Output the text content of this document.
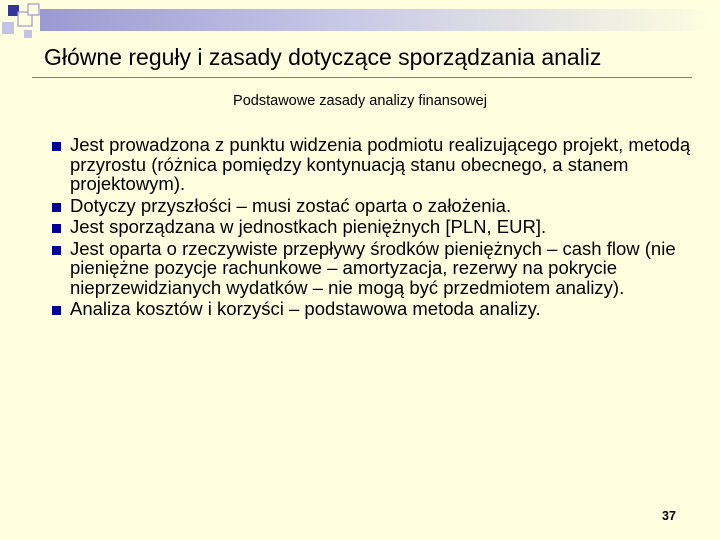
Główne reguły i zasady dotyczące sporządzania analiz
Podstawowe zasady analizy finansowej
Jest prowadzona z punktu widzenia podmiotu realizującego projekt, metodą przyrostu (różnica pomiędzy kontynuacją stanu obecnego, a stanem projektowym).
Dotyczy przyszłości – musi zostać oparta o założenia.
Jest sporządzana w jednostkach pieniężnych [PLN, EUR].
Jest oparta o rzeczywiste przepływy środków pieniężnych – cash flow (nie pieniężne pozycje rachunkowe – amortyzacja, rezerwy na pokrycie nieprzewidzianych wydatków – nie mogą być przedmiotem analizy).
Analiza kosztów i korzyści – podstawowa metoda analizy.
37
